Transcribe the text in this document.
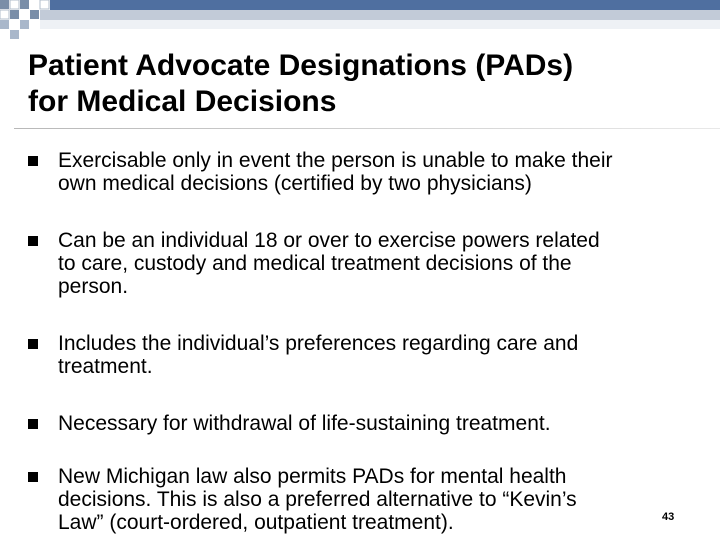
Patient Advocate Designations (PADs)
for Medical Decisions
Exercisable only in event the person is unable to make their
own medical decisions (certified by two physicians)
Can be an individual 18 or over to exercise powers related
to care, custody and medical treatment decisions of the
person.
Includes the individual’s preferences regarding care and
treatment.
Necessary for withdrawal of life-sustaining treatment.
New Michigan law also permits PADs for mental health
decisions. This is also a preferred alternative to “Kevin’s
Law” (court-ordered, outpatient treatment).	43
